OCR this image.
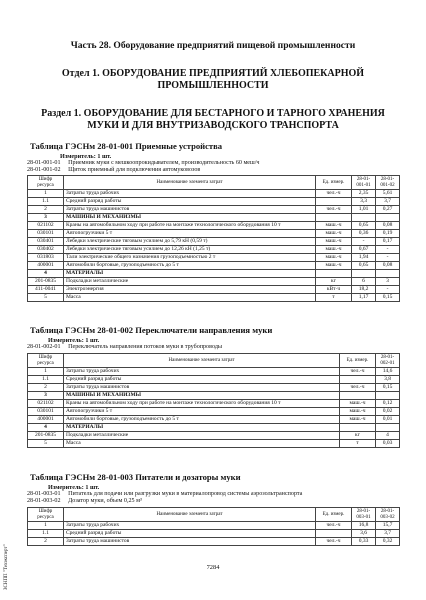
Часть 28. Оборудование предприятий пищевой промышленности
Отдел 1. ОБОРУДОВАНИЕ ПРЕДПРИЯТИЙ ХЛЕБОПЕКАРНОЙ ПРОМЫШЛЕННОСТИ
Раздел 1. ОБОРУДОВАНИЕ ДЛЯ БЕСТАРНОГО И ТАРНОГО ХРАНЕНИЯ МУКИ И ДЛЯ ВНУТРИЗАВОДСКОГО ТРАНСПОРТА
Таблица ГЭСНм 28-01-001 Приемные устройства
Измеритель: 1 шт.
28-01-001-01 Приемник муки с мешкоопрокидывателем, производительность 60 меш/ч
28-01-001-02 Щиток приемный для подключения автомуковозов
Шифр ресурса	Наименование элемента затрат	Ед. измер.	28-01-001-01	28-01-001-02
1	Затраты труда рабочих	чел.-ч	2,35	5,61
1.1	Средний разряд работы		3,3	3,7
2	Затраты труда машинистов	чел.-ч	1,01	0,27
3	МАШИНЫ И МЕХАНИЗМЫ			
021102	Краны на автомобильном ходу при работе на монтаже технологического оборудования 10 т	маш.-ч	0,65	0,08
030101	Автопогрузчики 5 т	маш.-ч	0,36	0,19
030401	Лебедки электрические тяговым усилием до 5,79 кН (0,59 т)	маш.-ч	-	0,17
030402	Лебедки электрические тяговым усилием до 12,26 кН (1,25 т)	маш.-ч	0,67	-
031803	Тали электрические общего назначения грузоподъемностью 2 т	маш.-ч	1,94	-
400001	Автомобили бортовые, грузоподъемность до 5 т	маш.-ч	0,65	0,08
4	МАТЕРИАЛЫ			
201-0835	Подкладки металлические	кг	6	3
411-0041	Электроэнергия	кВт·ч	18,2	-
5	Масса	т	1,17	0,15
Таблица ГЭСНм 28-01-002 Переключатели направления муки
Измеритель: 1 шт.
28-01-002-01 Переключатель направления потоков муки в трубопроводы
Шифр ресурса	Наименование элемента затрат	Ед. измер.	28-01-002-01
1	Затраты труда рабочих	чел.-ч	14,6
1.1	Средний разряд работы		3,8
2	Затраты труда машинистов	чел.-ч	0,15
3	МАШИНЫ И МЕХАНИЗМЫ		
021102	Краны на автомобильном ходу при работе на монтаже технологического оборудования 10 т	маш.-ч	0,12
030101	Автопогрузчики 5 т	маш.-ч	0,02
400001	Автомобили бортовые, грузоподъемность до 5 т	маш.-ч	0,01
4	МАТЕРИАЛЫ		
201-0835	Подкладки металлические	кг	4
5	Масса	т	0,03
Таблица ГЭСНм 28-01-003 Питатели и дозаторы муки
Измеритель: 1 шт.
28-01-003-01 Питатель для подачи или разгрузки муки в материалопровод системы аэрозольтранспорта
28-01-003-02 Дозатор муки, объем 0,25 м³
Шифр ресурса	Наименование элемента затрат	Ед. измер.	28-01-003-01	28-01-003-02
1	Затраты труда рабочих	чел.-ч	16,8	15,7
1.1	Средний разряд работы		3,6	3,7
2	Затраты труда машинистов	чел.-ч	0,33	0,32
7284
ЗСНПП "Техэксперт"
